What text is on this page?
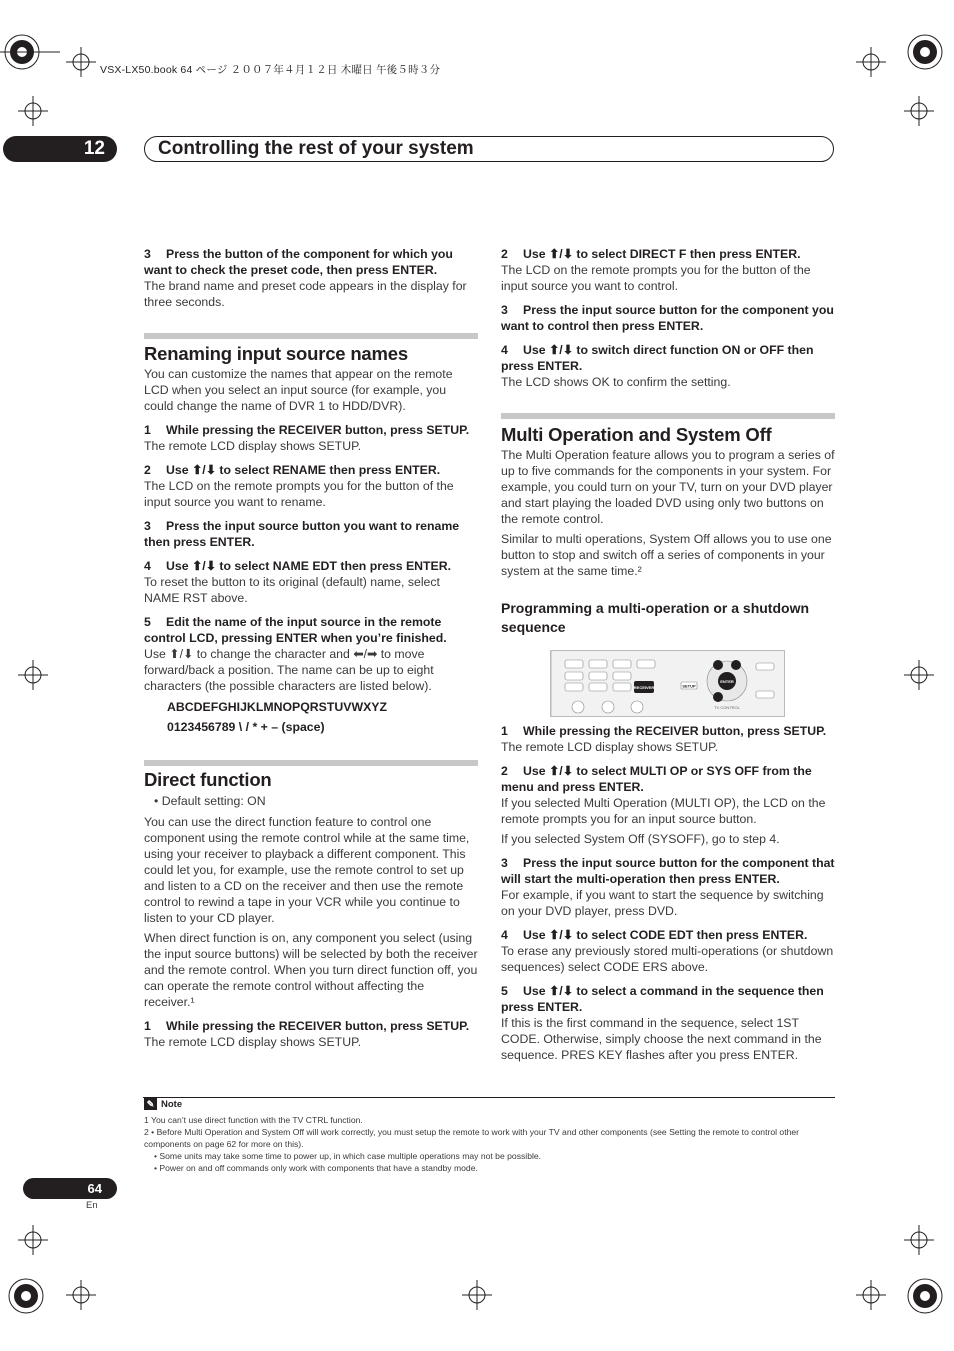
VSX-LX50.book 64 ページ ２００７年４月１２日 木曜日 午後５時３分
12	Controlling the rest of your system

3 Press the button of the component for which you want to check the preset code, then press ENTER.

The brand name and preset code appears in the display for three seconds.

Renaming input source names

You can customize the names that appear on the remote LCD when you select an input source (for example, you could change the name of DVR 1 to HDD/DVR).

1 While pressing the RECEIVER button, press SETUP.

The remote LCD display shows SETUP.

2 Use ⬆/⬇ to select RENAME then press ENTER.

The LCD on the remote prompts you for the button of the input source you want to rename.

3 Press the input source button you want to rename then press ENTER.

4 Use ⬆/⬇ to select NAME EDT then press ENTER.

To reset the button to its original (default) name, select NAME RST above.

5 Edit the name of the input source in the remote control LCD, pressing ENTER when you’re finished.

Use ⬆/⬇ to change the character and ⬅/➡ to move forward/back a position. The name can be up to eight characters (the possible characters are listed below).

ABCDEFGHIJKLMNOPQRSTUVWXYZ

0123456789 \ / * + – (space)

Direct function

• Default setting: ON

You can use the direct function feature to control one component using the remote control while at the same time, using your receiver to playback a different component. This could let you, for example, use the remote control to set up and listen to a CD on the receiver and then use the remote control to rewind a tape in your VCR while you continue to listen to your CD player.

When direct function is on, any component you select (using the input source buttons) will be selected by both the receiver and the remote control. When you turn direct function off, you can operate the remote control without affecting the receiver.¹

1 While pressing the RECEIVER button, press SETUP.

The remote LCD display shows SETUP.

2 Use ⬆/⬇ to select DIRECT F then press ENTER.

The LCD on the remote prompts you for the button of the input source you want to control.

3 Press the input source button for the component you want to control then press ENTER.

4 Use ⬆/⬇ to switch direct function ON or OFF then press ENTER.

The LCD shows OK to confirm the setting.

Multi Operation and System Off

The Multi Operation feature allows you to program a series of up to five commands for the components in your system. For example, you could turn on your TV, turn on your DVD player and start playing the loaded DVD using only two buttons on the remote control.

Similar to multi operations, System Off allows you to use one button to stop and switch off a series of components in your system at the same time.²

Programming a multi-operation or a shutdown sequence
RECEIVER	SETUP
ENTER
TV CONTROL

1 While pressing the RECEIVER button, press SETUP.

The remote LCD display shows SETUP.

2 Use ⬆/⬇ to select MULTI OP or SYS OFF from the menu and press ENTER.

If you selected Multi Operation (MULTI OP), the LCD on the remote prompts you for an input source button.

If you selected System Off (SYSOFF), go to step 4.

3 Press the input source button for the component that will start the multi-operation then press ENTER.

For example, if you want to start the sequence by switching on your DVD player, press DVD.

4 Use ⬆/⬇ to select CODE EDT then press ENTER.

To erase any previously stored multi-operations (or shutdown sequences) select CODE ERS above.

5 Use ⬆/⬇ to select a command in the sequence then press ENTER.

If this is the first command in the sequence, select 1ST CODE. Otherwise, simply choose the next command in the sequence. PRES KEY flashes after you press ENTER.

✎ Note

1 You can’t use direct function with the TV CTRL function.

2 • Before Multi Operation and System Off will work correctly, you must setup the remote to work with your TV and other components (see Setting the remote to control other components on page 62 for more on this).

• Some units may take some time to power up, in which case multiple operations may not be possible.

• Power on and off commands only work with components that have a standby mode.

64
En
